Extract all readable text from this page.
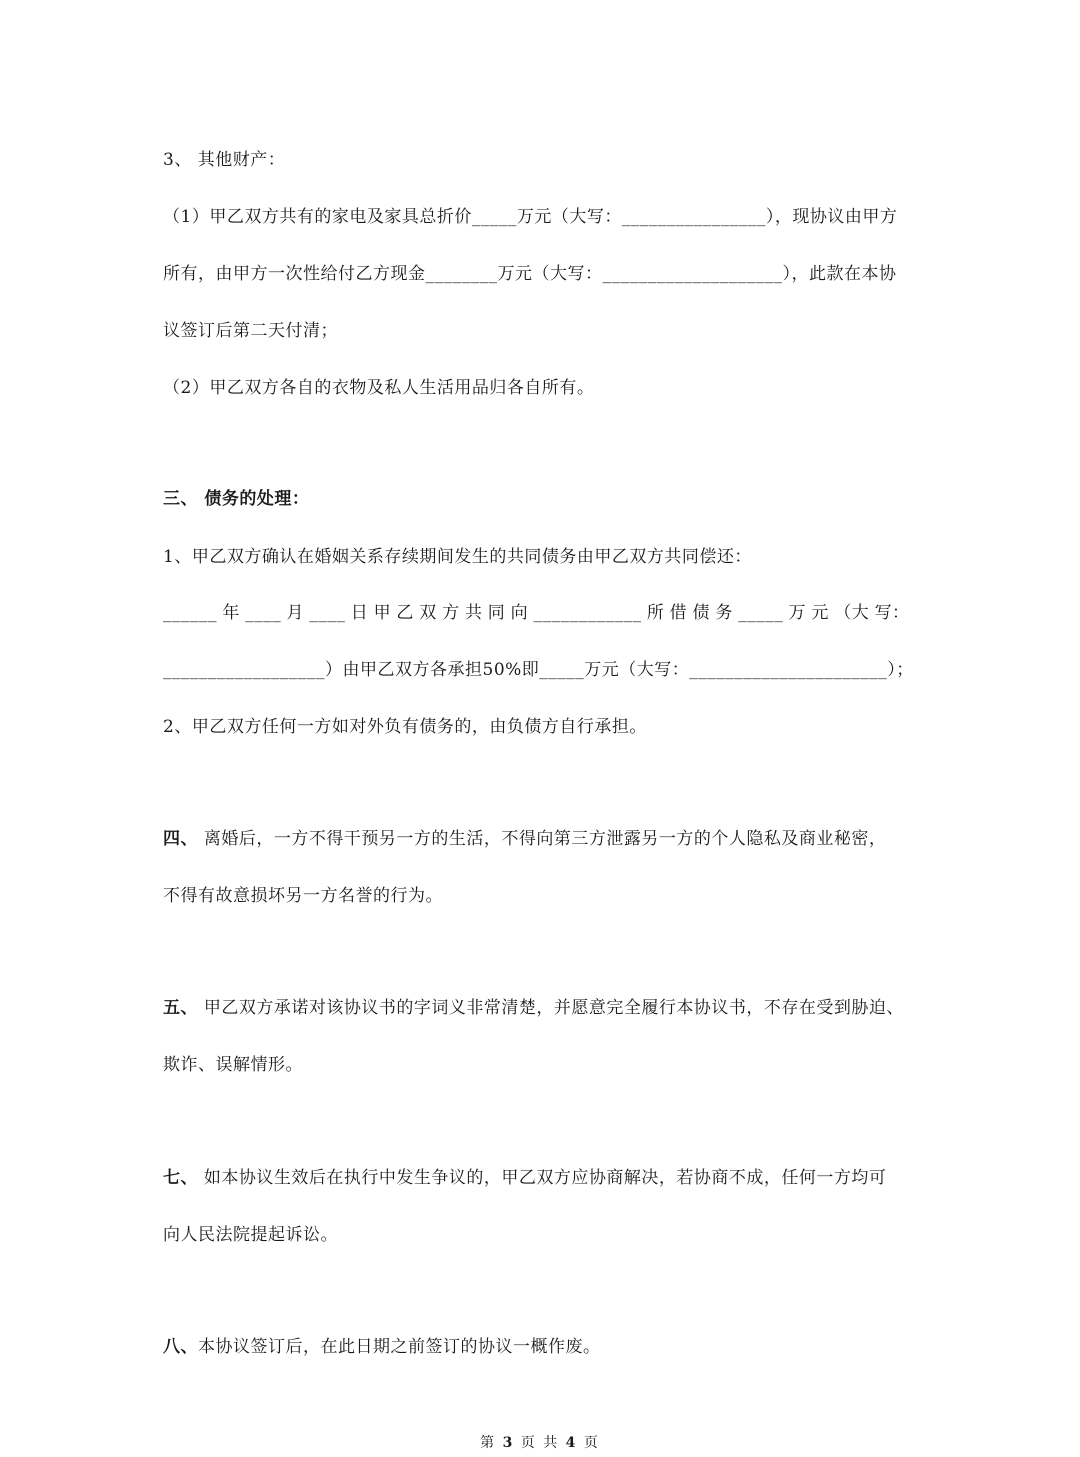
3、 其他财产：
（1）甲乙双方共有的家电及家具总折价_____万元（大写：________________），现协议由甲方
所有，由甲方一次性给付乙方现金________万元（大写：____________________），此款在本协
议签订后第二天付清；
（2）甲乙双方各自的衣物及私人生活用品归各自所有。
三、 债务的处理：
1、甲乙双方确认在婚姻关系存续期间发生的共同债务由甲乙双方共同偿还：
______ 年 ____ 月 ____ 日 甲 乙 双 方 共 同 向 ____________ 所 借 债 务 _____ 万 元 （大 写：
__________________）由甲乙双方各承担50%即_____万元（大写：______________________）；
2、甲乙双方任何一方如对外负有债务的，由负债方自行承担。
四、 离婚后，一方不得干预另一方的生活，不得向第三方泄露另一方的个人隐私及商业秘密，
不得有故意损坏另一方名誉的行为。
五、 甲乙双方承诺对该协议书的字词义非常清楚，并愿意完全履行本协议书，不存在受到胁迫、
欺诈、误解情形。
七、 如本协议生效后在执行中发生争议的，甲乙双方应协商解决，若协商不成，任何一方均可
向人民法院提起诉讼。
八、本协议签订后，在此日期之前签订的协议一概作废。
第 3 页 共 4 页
